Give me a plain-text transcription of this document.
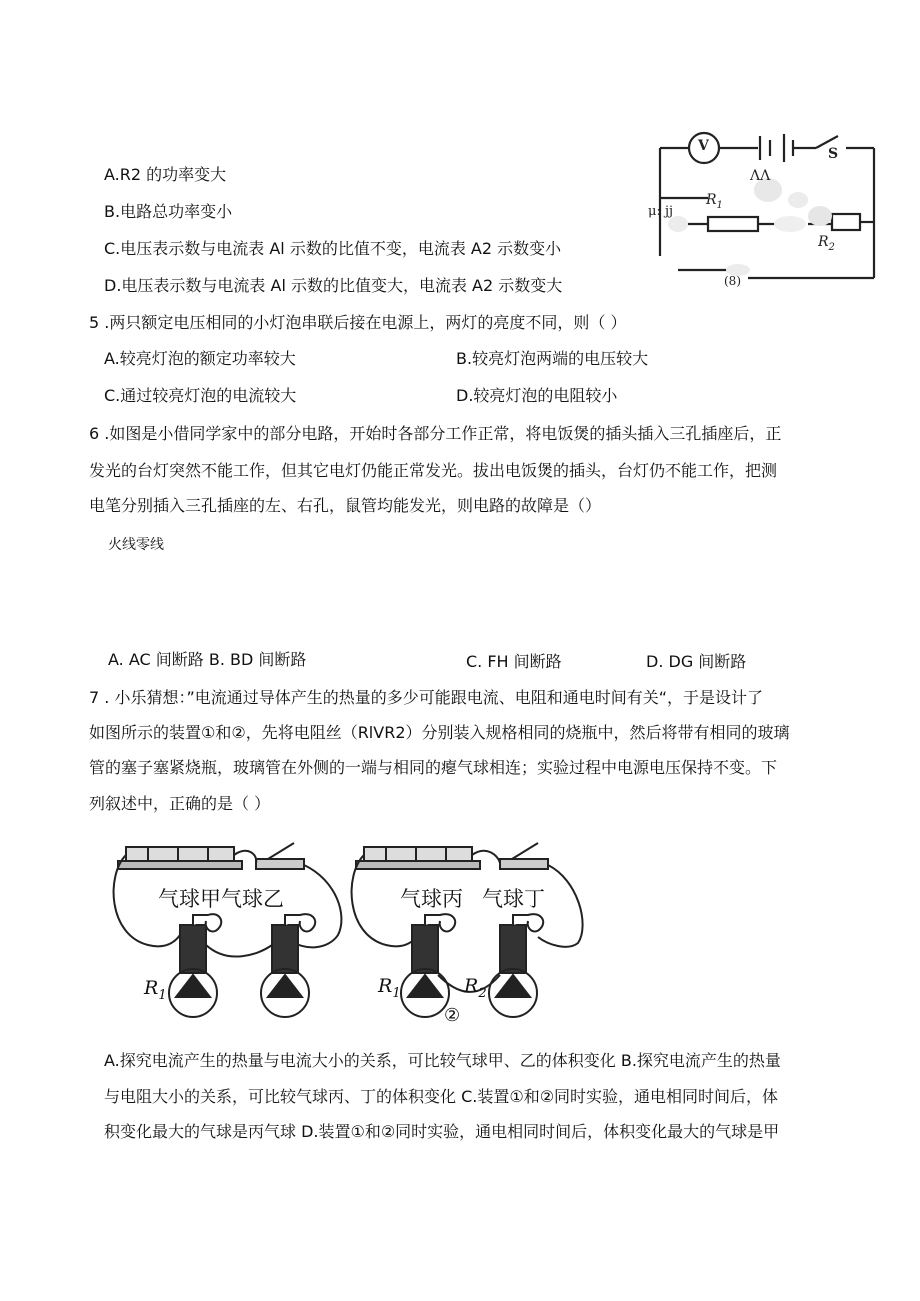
A.R2 的功率变大
B.电路总功率变小
C.电压表示数与电流表 Al 示数的比值不变，电流表 A2 示数变小
D.电压表示数与电流表 Al 示数的比值变大，电流表 A2 示数变大
V	S
ΛΛ
μ: jj
$R_1$
$R_2$
(8)
5 .两只额定电压相同的小灯泡串联后接在电源上，两灯的亮度不同，则（ ）
A.较亮灯泡的额定功率较大	B.较亮灯泡两端的电压较大
C.通过较亮灯泡的电流较大	D.较亮灯泡的电阻较小
6 .如图是小借同学家中的部分电路，开始时各部分工作正常，将电饭煲的插头插入三孔插座后，正
发光的台灯突然不能工作，但其它电灯仍能正常发光。拔出电饭煲的插头，台灯仍不能工作，把测
电笔分别插入三孔插座的左、右孔，鼠管均能发光，则电路的故障是（）
火线零线
A. AC 间断路 B. BD 间断路	C. FH 间断路	D. DG 间断路
7 . 小乐猜想：”电流通过导体产生的热量的多少可能跟电流、电阻和通电时间有关“，于是设计了
如图所示的装置①和②，先将电阻丝（RlVR2）分别装入规格相同的烧瓶中，然后将带有相同的玻璃
管的塞子塞紧烧瓶，玻璃管在外侧的一端与相同的瘪气球相连；实验过程中电源电压保持不变。下
列叙述中，正确的是（ ）
气球甲气球乙	气球丙 气球丁
$R_1$	$R_1$	$R_2$
②
A.探究电流产生的热量与电流大小的关系，可比较气球甲、乙的体积变化 B.探究电流产生的热量
与电阻大小的关系，可比较气球丙、丁的体积变化 C.装置①和②同时实验，通电相同时间后，体
积变化最大的气球是丙气球 D.装置①和②同时实验，通电相同时间后，体积变化最大的气球是甲
